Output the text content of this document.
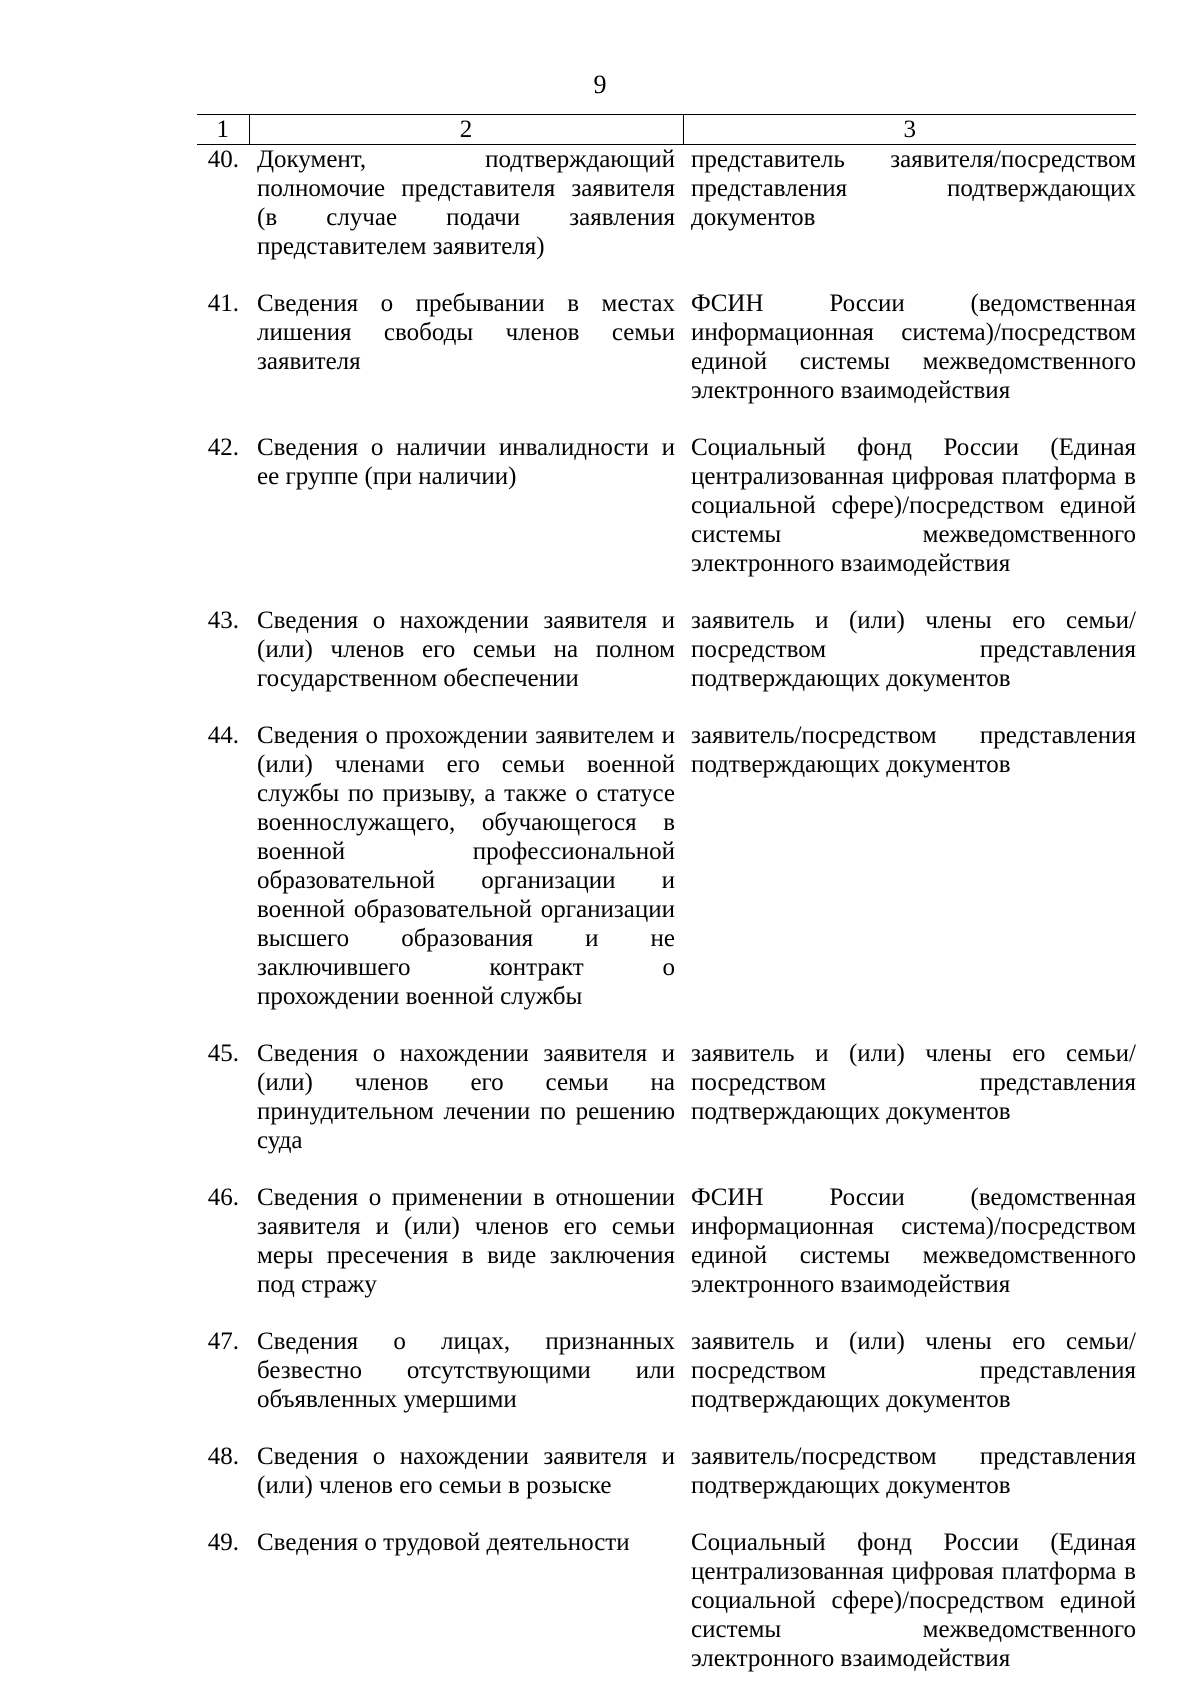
9
1	2	3
40.	Документ, подтверждающий полномочие представителя заявителя (в случае подачи заявления представителем заявителя)	представитель заявителя/посредством представления подтверждающих документов
41.	Сведения о пребывании в местах лишения свободы членов семьи заявителя	ФСИН России (ведомственная информационная система)/посредством единой системы межведомственного электронного взаимодействия
42.	Сведения о наличии инвалидности и ее группе (при наличии)	Социальный фонд России (Единая централизованная цифровая платформа в социальной сфере)/посредством единой системы межведомственного электронного взаимодействия
43.	Сведения о нахождении заявителя и (или) членов его семьи на полном государственном обеспечении	заявитель и (или) члены его семьи/посредством представления подтверждающих документов
44.	Сведения о прохождении заявителем и (или) членами его семьи военной службы по призыву, а также о статусе военнослужащего, обучающегося в военной профессиональной образовательной организации и военной образовательной организации высшего образования и не заключившего контракт о прохождении военной службы	заявитель/посредством представления подтверждающих документов
45.	Сведения о нахождении заявителя и (или) членов его семьи на принудительном лечении по решению суда	заявитель и (или) члены его семьи/посредством представления подтверждающих документов
46.	Сведения о применении в отношении заявителя и (или) членов его семьи меры пресечения в виде заключения под стражу	ФСИН России (ведомственная информационная система)/посредством единой системы межведомственного электронного взаимодействия
47.	Сведения о лицах, признанных безвестно отсутствующими или объявленных умершими	заявитель и (или) члены его семьи/посредством представления подтверждающих документов
48.	Сведения о нахождении заявителя и (или) членов его семьи в розыске	заявитель/посредством представления подтверждающих документов
49.	Сведения о трудовой деятельности	Социальный фонд России (Единая централизованная цифровая платформа в социальной сфере)/посредством единой системы межведомственного электронного взаимодействия
